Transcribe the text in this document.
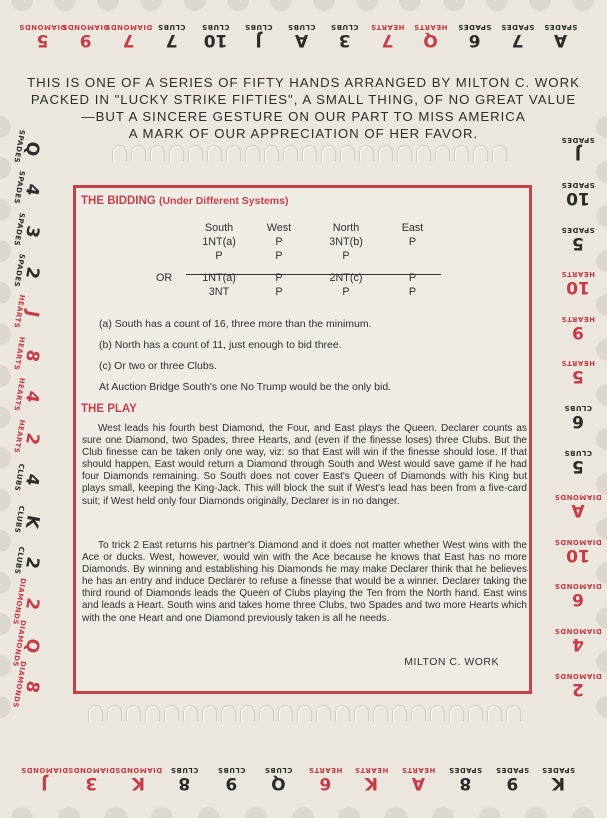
5
DIAMONDS
9
DIAMONDS
7
DIAMONDS
7
CLUBS
10
CLUBS
J
CLUBS
A
CLUBS
3
CLUBS
7
HEARTS
Q
HEARTS
6
SPADES
7
SPADES
A
SPADES
J
DIAMONDS
3
DIAMONDS
K
DIAMONDS
8
CLUBS
9
CLUBS
Q
CLUBS
6
HEARTS
K
HEARTS
A
HEARTS
8
SPADES
9
SPADES
K
SPADES
Q
SPADES
4
SPADES
3
SPADES
2
SPADES
J
HEARTS
8
HEARTS
4
HEARTS
2
HEARTS
4
CLUBS
K
CLUBS
2
CLUBS
2
DIAMONDS
Q
DIAMONDS
8
DIAMONDS
J
SPADES
10
SPADES
5
SPADES
10
HEARTS
9
HEARTS
5
HEARTS
6
CLUBS
5
CLUBS
A
DIAMONDS
10
DIAMONDS
6
DIAMONDS
4
DIAMONDS
2
DIAMONDS
THIS IS ONE OF A SERIES OF FIFTY HANDS ARRANGED BY MILTON C. WORK
PACKED IN "LUCKY STRIKE FIFTIES", A SMALL THING, OF NO GREAT VALUE
—BUT A SINCERE GESTURE ON OUR PART TO MISS AMERICA
A MARK OF OUR APPRECIATION OF HER FAVOR.
THE BIDDING (Under Different Systems)
South	West	North	East
1NT(a)	P	3NT(b)	P
P	P	P
OR	1NT(a)	P	2NT(c)	P
3NT	P	P	P
(a) South has a count of 16, three more than the minimum.
(b) North has a count of 11, just enough to bid three.
(c) Or two or three Clubs.
At Auction Bridge South's one No Trump would be the only bid.
THE PLAY
West leads his fourth best Diamond, the Four, and East plays the Queen. Declarer counts as sure one Diamond, two Spades, three Hearts, and (even if the finesse loses) three Clubs. But the Club finesse can be taken only one way, viz: so that East will win if the finesse should lose. If that should happen, East would return a Diamond through South and West would save game if he had four Diamonds remaining. So South does not cover East's Queen of Diamonds with his King but plays small, keeping the King-Jack. This will block the suit if West's lead has been from a five-card suit; if West held only four Diamonds originally, Declarer is in no danger.
To trick 2 East returns his partner's Diamond and it does not matter whether West wins with the Ace or ducks. West, however, would win with the Ace because he knows that East has no more Diamonds. By winning and establishing his Diamonds he may make Declarer think that he believes he has an entry and induce Declarer to refuse a finesse that would be a winner. Declarer taking the third round of Diamonds leads the Queen of Clubs playing the Ten from the North hand. East wins and leads a Heart. South wins and takes home three Clubs, two Spades and two more Hearts which with the one Heart and one Diamond previously taken is all he needs.
MILTON C. WORK
